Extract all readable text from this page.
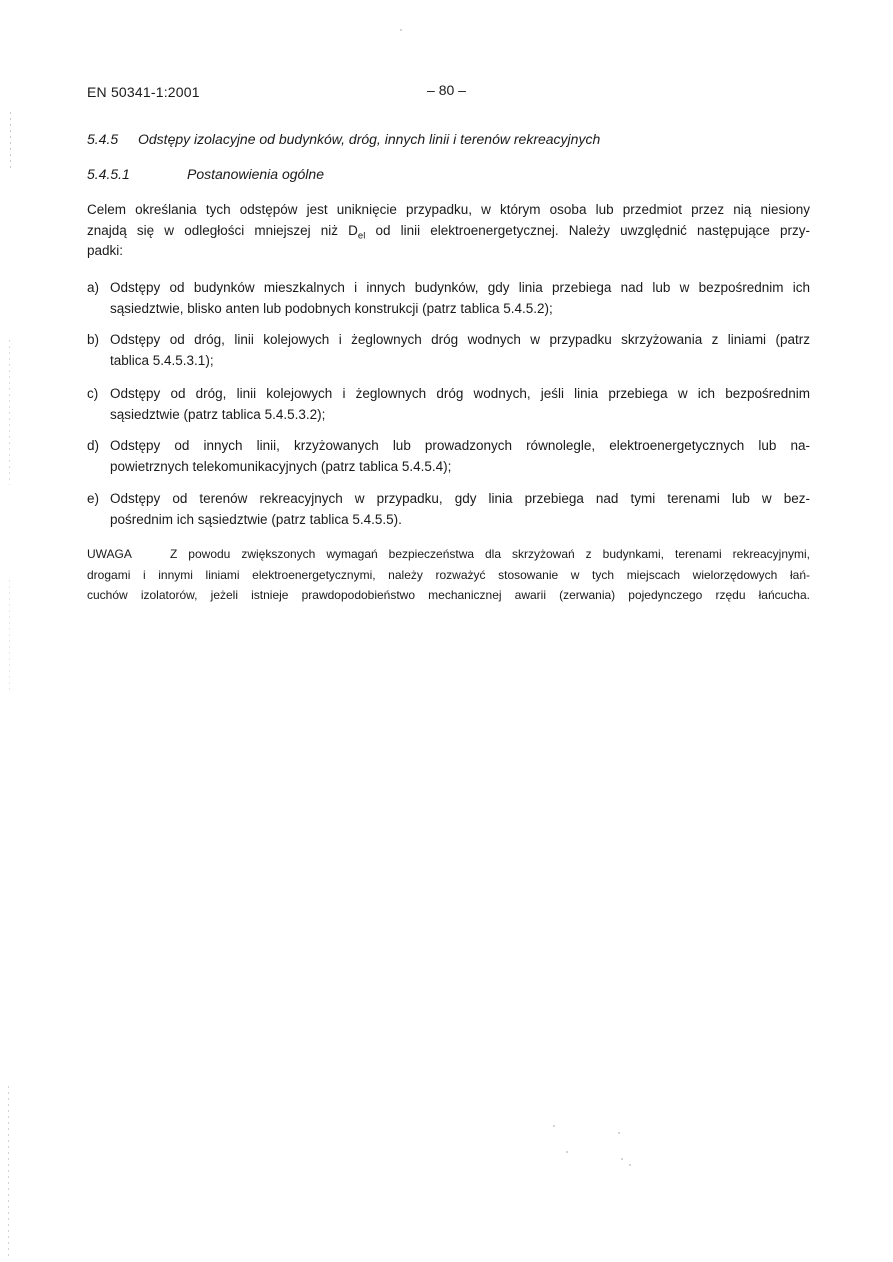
EN 50341-1:2001	– 80 –
5.4.5 Odstępy izolacyjne od budynków, dróg, innych linii i terenów rekreacyjnych
5.4.5.1	Postanowienia ogólne
Celem określania tych odstępów jest uniknięcie przypadku, w którym osoba lub przedmiot przez nią niesiony
znajdą się w odległości mniejszej niż $D_{el}$ od linii elektroenergetycznej. Należy uwzględnić następujące przy-
padki:
a) Odstępy od budynków mieszkalnych i innych budynków, gdy linia przebiega nad lub w bezpośrednim ich
sąsiedztwie, blisko anten lub podobnych konstrukcji (patrz tablica 5.4.5.2);
b) Odstępy od dróg, linii kolejowych i żeglownych dróg wodnych w przypadku skrzyżowania z liniami (patrz
tablica 5.4.5.3.1);
c) Odstępy od dróg, linii kolejowych i żeglownych dróg wodnych, jeśli linia przebiega w ich bezpośrednim
sąsiedztwie (patrz tablica 5.4.5.3.2);
d) Odstępy od innych linii, krzyżowanych lub prowadzonych równolegle, elektroenergetycznych lub na-
powietrznych telekomunikacyjnych (patrz tablica 5.4.5.4);
e) Odstępy od terenów rekreacyjnych w przypadku, gdy linia przebiega nad tymi terenami lub w bez-
pośrednim ich sąsiedztwie (patrz tablica 5.4.5.5).
UWAGA	Z powodu zwiększonych wymagań bezpieczeństwa dla skrzyżowań z budynkami, terenami rekreacyjnymi,
drogami i innymi liniami elektroenergetycznymi, należy rozważyć stosowanie w tych miejscach wielorzędowych łań-
cuchów izolatorów, jeżeli istnieje prawdopodobieństwo mechanicznej awarii (zerwania) pojedynczego rzędu łańcucha.
